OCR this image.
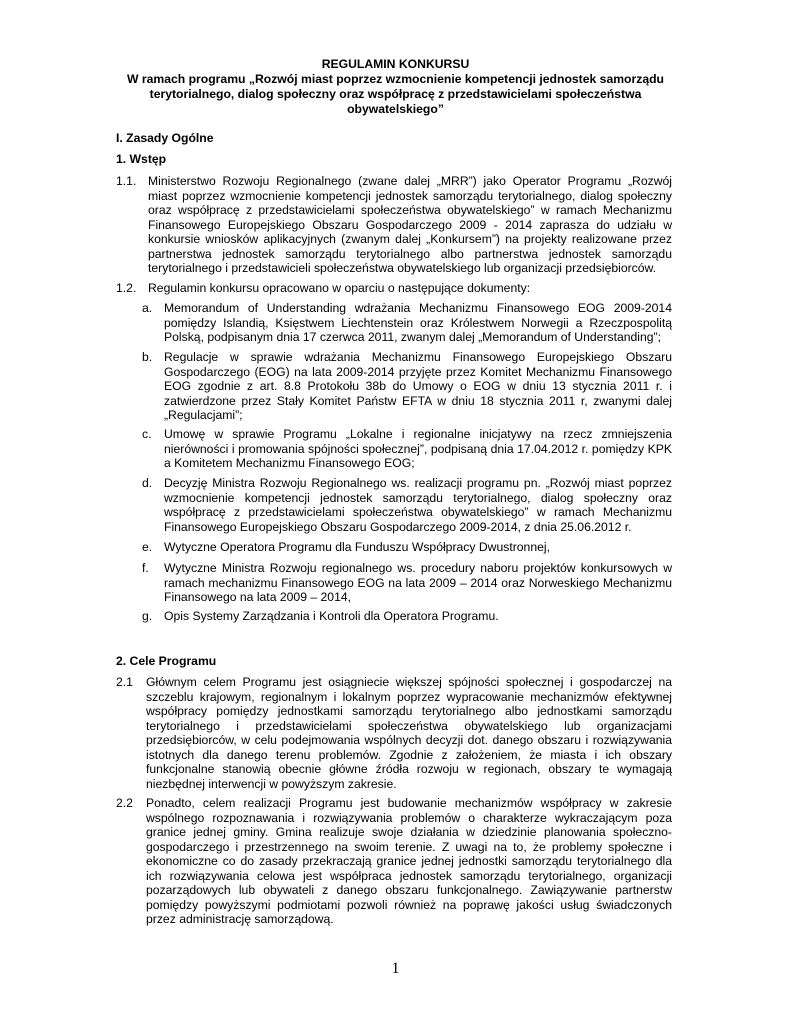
REGULAMIN KONKURSU
W ramach programu „Rozwój miast poprzez wzmocnienie kompetencji jednostek samorządu
terytorialnego, dialog społeczny oraz współpracę z przedstawicielami społeczeństwa
obywatelskiego”
I. Zasady Ogólne
1. Wstęp
1.1. Ministerstwo Rozwoju Regionalnego (zwane dalej „MRR”) jako Operator Programu „Rozwój miast poprzez wzmocnienie kompetencji jednostek samorządu terytorialnego, dialog społeczny oraz współpracę z przedstawicielami społeczeństwa obywatelskiego” w ramach Mechanizmu Finansowego Europejskiego Obszaru Gospodarczego 2009 - 2014 zaprasza do udziału w konkursie wniosków aplikacyjnych (zwanym dalej „Konkursem”) na projekty realizowane przez partnerstwa jednostek samorządu terytorialnego albo partnerstwa jednostek samorządu terytorialnego i przedstawicieli społeczeństwa obywatelskiego lub organizacji przedsiębiorców.
1.2. Regulamin konkursu opracowano w oparciu o następujące dokumenty:
a. Memorandum of Understanding wdrażania Mechanizmu Finansowego EOG 2009-2014 pomiędzy Islandią, Księstwem Liechtenstein oraz Królestwem Norwegii a Rzeczpospolitą Polską, podpisanym dnia 17 czerwca 2011, zwanym dalej „Memorandum of Understanding”;
b. Regulacje w sprawie wdrażania Mechanizmu Finansowego Europejskiego Obszaru Gospodarczego (EOG) na lata 2009-2014 przyjęte przez Komitet Mechanizmu Finansowego EOG zgodnie z art. 8.8 Protokołu 38b do Umowy o EOG w dniu 13 stycznia 2011 r. i zatwierdzone przez Stały Komitet Państw EFTA w dniu 18 stycznia 2011 r, zwanymi dalej „Regulacjami”;
c. Umowę w sprawie Programu „Lokalne i regionalne inicjatywy na rzecz zmniejszenia nierówności i promowania spójności społecznej”, podpisaną dnia 17.04.2012 r. pomiędzy KPK a Komitetem Mechanizmu Finansowego EOG;
d. Decyzję Ministra Rozwoju Regionalnego ws. realizacji programu pn. „Rozwój miast poprzez wzmocnienie kompetencji jednostek samorządu terytorialnego, dialog społeczny oraz współpracę z przedstawicielami społeczeństwa obywatelskiego” w ramach Mechanizmu Finansowego Europejskiego Obszaru Gospodarczego 2009-2014, z dnia 25.06.2012 r.
e. Wytyczne Operatora Programu dla Funduszu Współpracy Dwustronnej,
f. Wytyczne Ministra Rozwoju regionalnego ws. procedury naboru projektów konkursowych w ramach mechanizmu Finansowego EOG na lata 2009 – 2014 oraz Norweskiego Mechanizmu Finansowego na lata 2009 – 2014,
g. Opis Systemy Zarządzania i Kontroli dla Operatora Programu.
2. Cele Programu
2.1 Głównym celem Programu jest osiągniecie większej spójności społecznej i gospodarczej na szczeblu krajowym, regionalnym i lokalnym poprzez wypracowanie mechanizmów efektywnej współpracy pomiędzy jednostkami samorządu terytorialnego albo jednostkami samorządu terytorialnego i przedstawicielami społeczeństwa obywatelskiego lub organizacjami przedsiębiorców, w celu podejmowania wspólnych decyzji dot. danego obszaru i rozwiązywania istotnych dla danego terenu problemów. Zgodnie z założeniem, że miasta i ich obszary funkcjonalne stanowią obecnie główne źródła rozwoju w regionach, obszary te wymagają niezbędnej interwencji w powyższym zakresie.
2.2 Ponadto, celem realizacji Programu jest budowanie mechanizmów współpracy w zakresie wspólnego rozpoznawania i rozwiązywania problemów o charakterze wykraczającym poza granice jednej gminy. Gmina realizuje swoje działania w dziedzinie planowania społeczno-gospodarczego i przestrzennego na swoim terenie. Z uwagi na to, że problemy społeczne i ekonomiczne co do zasady przekraczają granice jednej jednostki samorządu terytorialnego dla ich rozwiązywania celowa jest współpraca jednostek samorządu terytorialnego, organizacji pozarządowych lub obywateli z danego obszaru funkcjonalnego. Zawiązywanie partnerstw pomiędzy powyższymi podmiotami pozwoli również na poprawę jakości usług świadczonych przez administrację samorządową.
1
